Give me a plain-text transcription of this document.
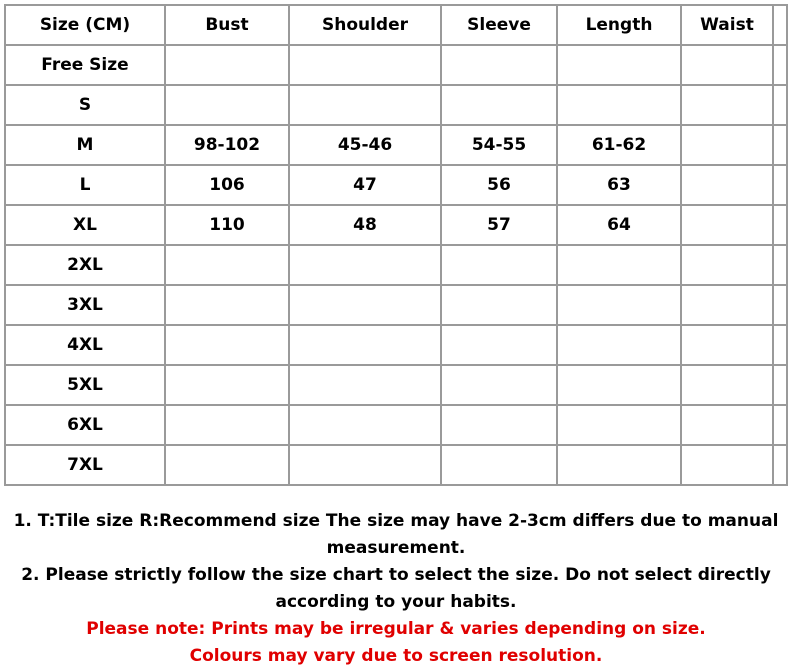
Size (CM)	Bust	Shoulder	Sleeve	Length	Waist	
Free Size						
S						
M	98-102	45-46	54-55	61-62		
L	106	47	56	63		
XL	110	48	57	64		
2XL						
3XL						
4XL						
5XL						
6XL						
7XL						

1. T:Tile size R:Recommend size The size may have 2-3cm differs due to manual measurement.

2. Please strictly follow the size chart to select the size. Do not select directly according to your habits.

Please note: Prints may be irregular & varies depending on size.

Colours may vary due to screen resolution.
